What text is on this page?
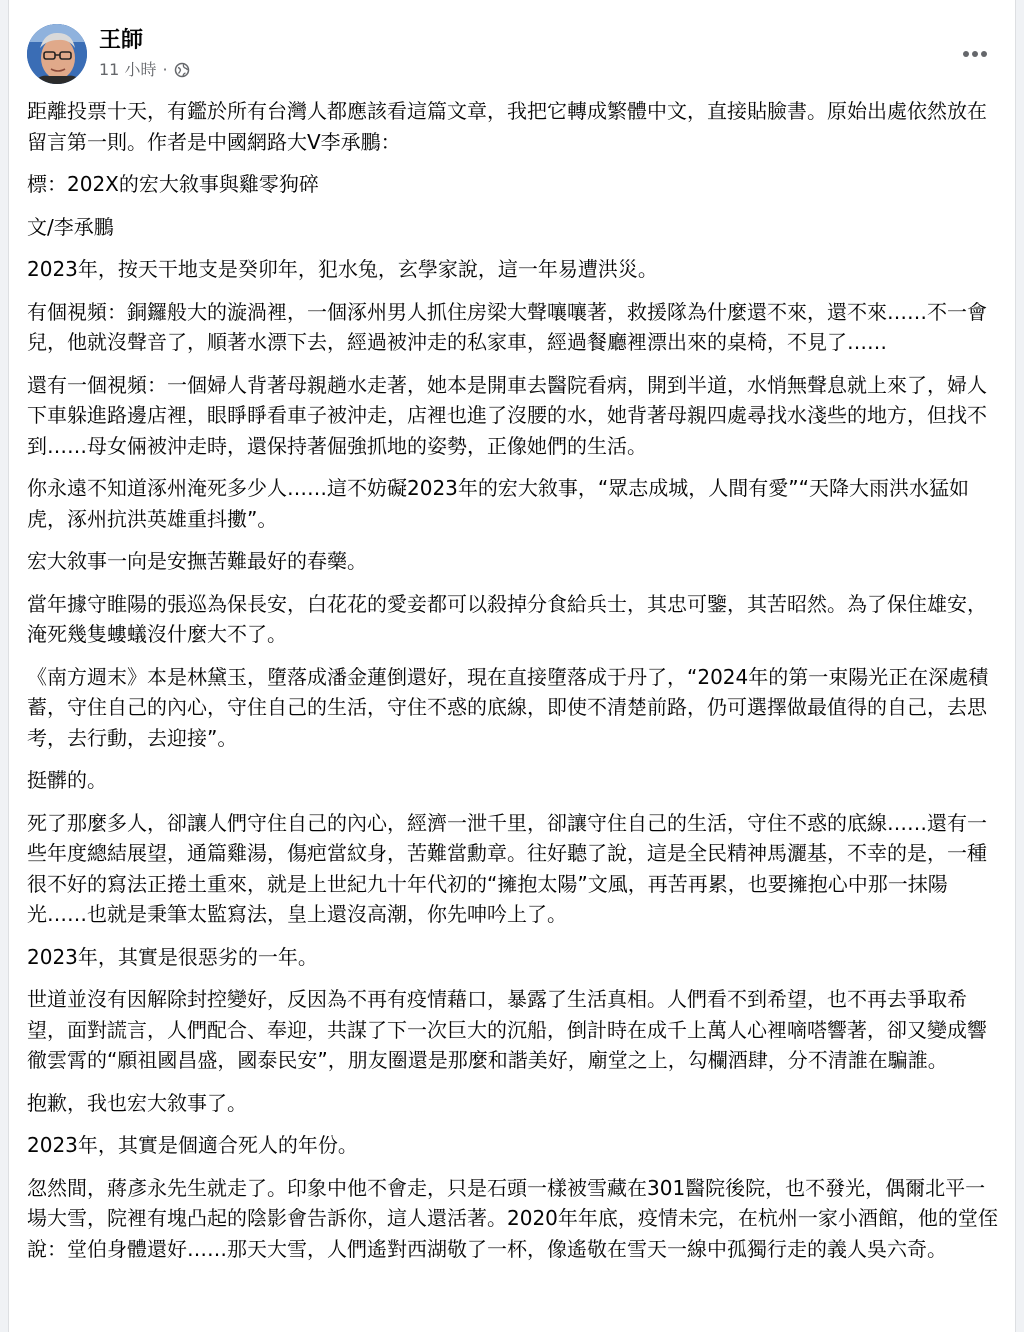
王師
11 小時 ·

距離投票十天，有鑑於所有台灣人都應該看這篇文章，我把它轉成繁體中文，直接貼臉書。原始出處依然放在留言第一則。作者是中國網路大V李承鵬：

標：202X的宏大敘事與雞零狗碎

文/李承鵬

2023年，按天干地支是癸卯年，犯水兔，玄學家說，這一年易遭洪災。

有個視頻：銅鑼般大的漩渦裡，一個涿州男人抓住房梁大聲嚷嚷著，救援隊為什麼還不來，還不來……不一會兒，他就沒聲音了，順著水漂下去，經過被沖走的私家車，經過餐廳裡漂出來的桌椅，不見了……

還有一個視頻：一個婦人背著母親趟水走著，她本是開車去醫院看病，開到半道，水悄無聲息就上來了，婦人下車躲進路邊店裡，眼睜睜看車子被沖走，店裡也進了沒腰的水，她背著母親四處尋找水淺些的地方，但找不到……母女倆被沖走時，還保持著倔強抓地的姿勢，正像她們的生活。

你永遠不知道涿州淹死多少人……這不妨礙2023年的宏大敘事，“眾志成城，人間有愛”“天降大雨洪水猛如虎，涿州抗洪英雄重抖擻”。

宏大敘事一向是安撫苦難最好的春藥。

當年據守睢陽的張巡為保長安，白花花的愛妾都可以殺掉分食給兵士，其忠可鑒，其苦昭然。為了保住雄安，淹死幾隻螻蟻沒什麼大不了。

《南方週末》本是林黛玉，墮落成潘金蓮倒還好，現在直接墮落成于丹了，“2024年的第一束陽光正在深處積蓄，守住自己的內心，守住自己的生活，守住不惑的底線，即使不清楚前路，仍可選擇做最值得的自己，去思考，去行動，去迎接”。

挺髒的。

死了那麼多人，卻讓人們守住自己的內心，經濟一泄千里，卻讓守住自己的生活，守住不惑的底線……還有一些年度總結展望，通篇雞湯，傷疤當紋身，苦難當勳章。往好聽了說，這是全民精神馬灑基，不幸的是，一種很不好的寫法正捲土重來，就是上世紀九十年代初的“擁抱太陽”文風，再苦再累，也要擁抱心中那一抹陽光……也就是秉筆太監寫法，皇上還沒高潮，你先呻吟上了。

2023年，其實是很惡劣的一年。

世道並沒有因解除封控變好，反因為不再有疫情藉口，暴露了生活真相。人們看不到希望，也不再去爭取希望，面對謊言，人們配合、奉迎，共謀了下一次巨大的沉船，倒計時在成千上萬人心裡嘀嗒響著，卻又變成響徹雲霄的“願祖國昌盛，國泰民安”，朋友圈還是那麼和諧美好，廟堂之上，勾欄酒肆，分不清誰在騙誰。

抱歉，我也宏大敘事了。

2023年，其實是個適合死人的年份。

忽然間，蔣彥永先生就走了。印象中他不會走，只是石頭一樣被雪藏在301醫院後院，也不發光，偶爾北平一場大雪，院裡有塊凸起的陰影會告訴你，這人還活著。2020年年底，疫情未完，在杭州一家小酒館，他的堂侄說：堂伯身體還好……那天大雪，人們遙對西湖敬了一杯，像遙敬在雪天一線中孤獨行走的義人吳六奇。
